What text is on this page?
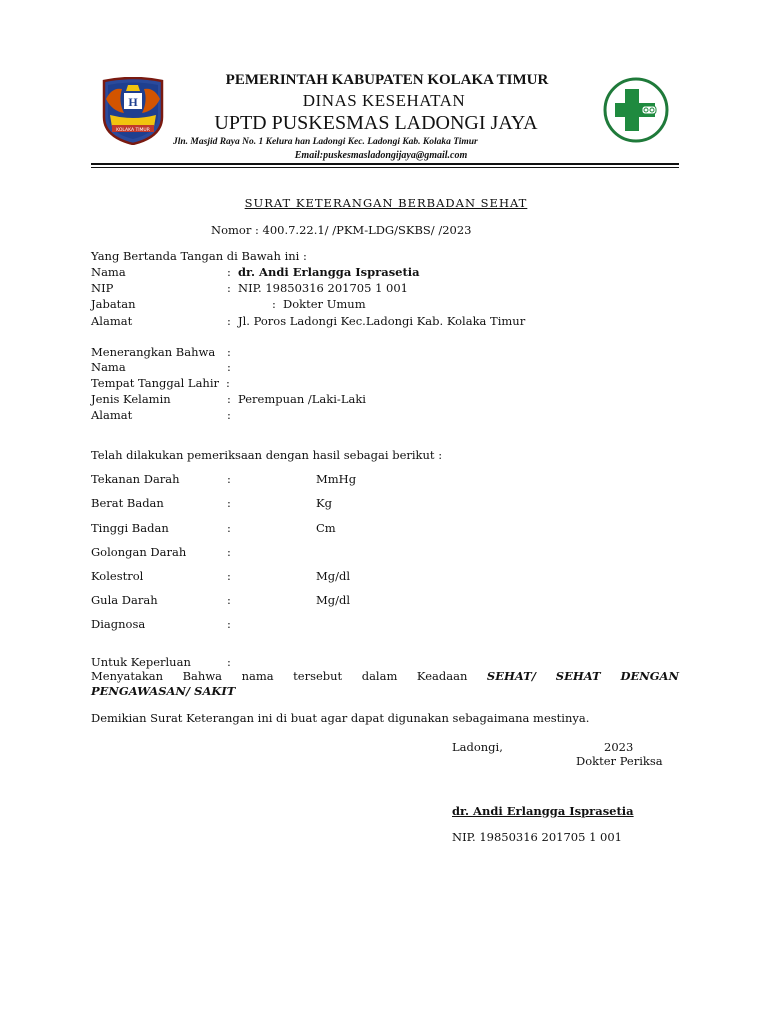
H
KOLAKA TIMUR
PEMERINTAH KABUPATEN KOLAKA TIMUR
DINAS KESEHATAN
UPTD PUSKESMAS LADONGI JAYA
Jln. Masjid Raya No. 1 Kelura han Ladongi Kec. Ladongi Kab. Kolaka Timur
Email:puskesmasladongijaya@gmail.com
SURAT KETERANGAN BERBADAN SEHAT
Nomor : 400.7.22.1/ /PKM-LDG/SKBS/ /2023
Yang Bertanda Tangan di Bawah ini :
Nama	: dr. Andi Erlangga Isprasetia
NIP	: NIP. 19850316 201705 1 001
Jabatan	: Dokter Umum
Alamat	: Jl. Poros Ladongi Kec.Ladongi Kab. Kolaka Timur
Menerangkan Bahwa :
Nama	:
Tempat Tanggal Lahir :
Jenis Kelamin	: Perempuan /Laki-Laki
Alamat	:
Telah dilakukan pemeriksaan dengan hasil sebagai berikut :
Tekanan Darah	:	MmHg
Berat Badan	:	Kg
Tinggi Badan	:	Cm
Golongan Darah	:
Kolestrol	:	Mg/dl
Gula Darah	:	Mg/dl
Diagnosa	:
Untuk Keperluan	:
Menyatakan Bahwa nama tersebut dalam Keadaan SEHAT/ SEHAT DENGAN
PENGAWASAN/ SAKIT
Demikian Surat Keterangan ini di buat agar dapat digunakan sebagaimana mestinya.
Ladongi,	2023
Dokter Periksa
dr. Andi Erlangga Isprasetia
NIP. 19850316 201705 1 001
